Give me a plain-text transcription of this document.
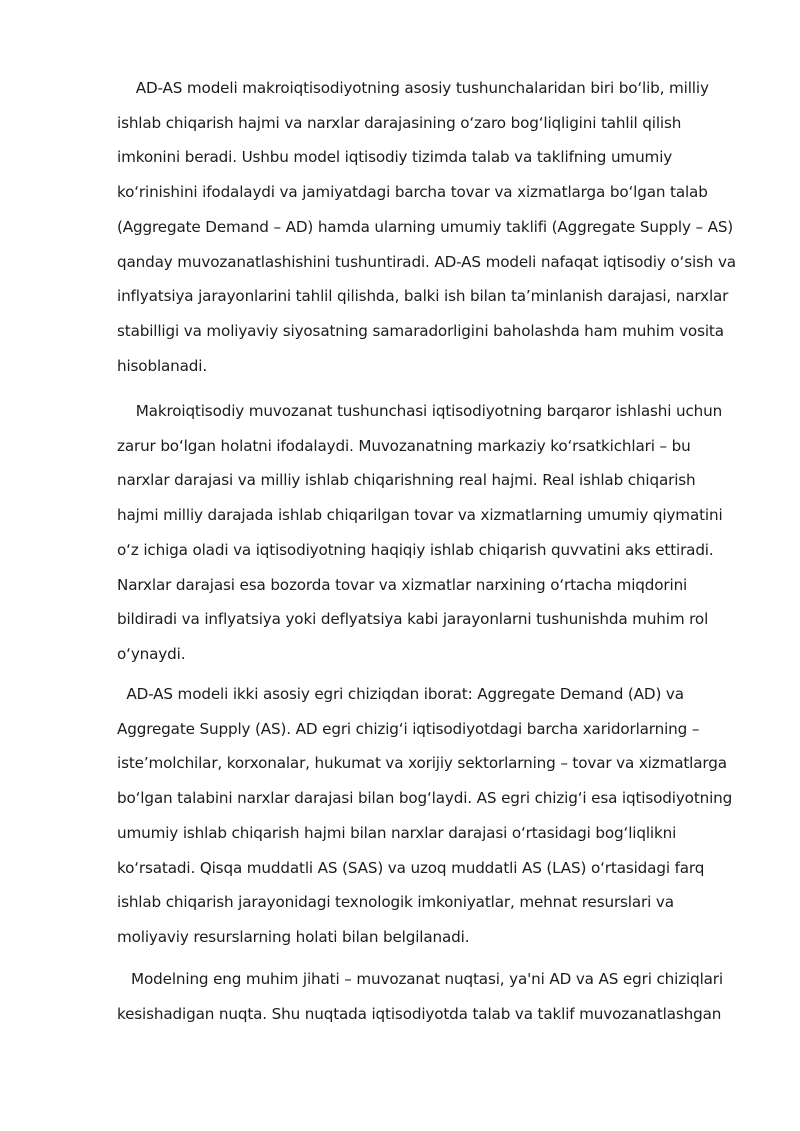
AD-AS modeli makroiqtisodiyotning asosiy tushunchalaridan biri bo‘lib, milliy
ishlab chiqarish hajmi va narxlar darajasining o‘zaro bog‘liqligini tahlil qilish
imkonini beradi. Ushbu model iqtisodiy tizimda talab va taklifning umumiy
ko‘rinishini ifodalaydi va jamiyatdagi barcha tovar va xizmatlarga bo‘lgan talab
(Aggregate Demand – AD) hamda ularning umumiy taklifi (Aggregate Supply – AS)
qanday muvozanatlashishini tushuntiradi. AD-AS modeli nafaqat iqtisodiy o‘sish va
inflyatsiya jarayonlarini tahlil qilishda, balki ish bilan ta’minlanish darajasi, narxlar
stabilligi va moliyaviy siyosatning samaradorligini baholashda ham muhim vosita
hisoblanadi.

Makroiqtisodiy muvozanat tushunchasi iqtisodiyotning barqaror ishlashi uchun
zarur bo‘lgan holatni ifodalaydi. Muvozanatning markaziy ko‘rsatkichlari – bu
narxlar darajasi va milliy ishlab chiqarishning real hajmi. Real ishlab chiqarish
hajmi milliy darajada ishlab chiqarilgan tovar va xizmatlarning umumiy qiymatini
o‘z ichiga oladi va iqtisodiyotning haqiqiy ishlab chiqarish quvvatini aks ettiradi.
Narxlar darajasi esa bozorda tovar va xizmatlar narxining o‘rtacha miqdorini
bildiradi va inflyatsiya yoki deflyatsiya kabi jarayonlarni tushunishda muhim rol
o‘ynaydi.

AD-AS modeli ikki asosiy egri chiziqdan iborat: Aggregate Demand (AD) va
Aggregate Supply (AS). AD egri chizig‘i iqtisodiyotdagi barcha xaridorlarning –
iste’molchilar, korxonalar, hukumat va xorijiy sektorlarning – tovar va xizmatlarga
bo‘lgan talabini narxlar darajasi bilan bog‘laydi. AS egri chizig‘i esa iqtisodiyotning
umumiy ishlab chiqarish hajmi bilan narxlar darajasi o‘rtasidagi bog‘liqlikni
ko‘rsatadi. Qisqa muddatli AS (SAS) va uzoq muddatli AS (LAS) o‘rtasidagi farq
ishlab chiqarish jarayonidagi texnologik imkoniyatlar, mehnat resurslari va
moliyaviy resurslarning holati bilan belgilanadi.

Modelning eng muhim jihati – muvozanat nuqtasi, ya'ni AD va AS egri chiziqlari
kesishadigan nuqta. Shu nuqtada iqtisodiyotda talab va taklif muvozanatlashgan
